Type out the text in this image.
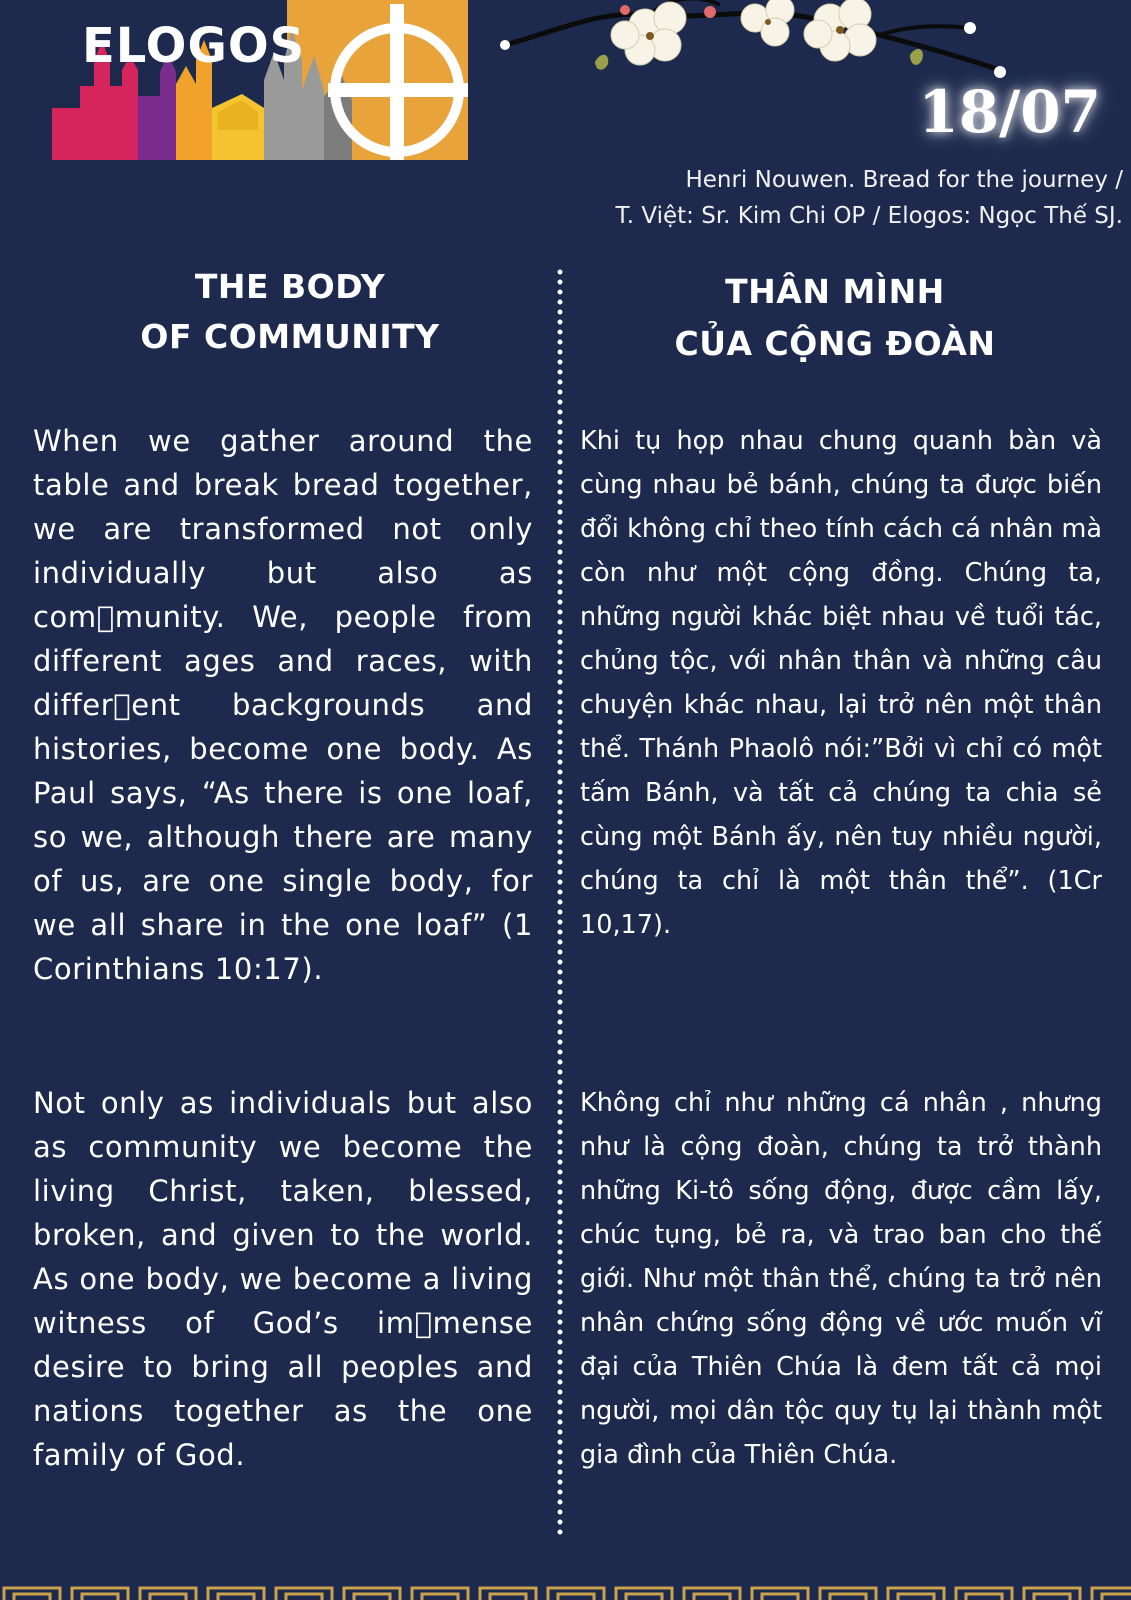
ELOGOS
18/07
Henri Nouwen. Bread for the journey /
T. Việt: Sr. Kim Chi OP / Elogos: Ngọc Thế SJ.
THE BODY
OF COMMUNITY
THÂN MÌNH
CỦA CỘNG ĐOÀN
When we gather around the table and break bread together, we are transformed not only individually but also as com munity. We, people from different ages and races, with differ ent backgrounds and histories, become one body. As Paul says, “As there is one loaf, so we, although there are many of us, are one single body, for we all share in the one loaf” (1 Corinthians 10:17).
Not only as individuals but also as community we become the living Christ, taken, blessed, broken, and given to the world. As one body, we become a living witness of God’s im mense desire to bring all peoples and nations together as the one family of God.
Khi tụ họp nhau chung quanh bàn và cùng nhau bẻ bánh, chúng ta được biến đổi không chỉ theo tính cách cá nhân mà còn như một cộng đồng. Chúng ta, những người khác biệt nhau về tuổi tác, chủng tộc, với nhân thân và những câu chuyện khác nhau, lại trở nên một thân thể. Thánh Phaolô nói:”Bởi vì chỉ có một tấm Bánh, và tất cả chúng ta chia sẻ cùng một Bánh ấy, nên tuy nhiều người, chúng ta chỉ là một thân thể”. (1Cr 10,17).
Không chỉ như những cá nhân , nhưng như là cộng đoàn, chúng ta trở thành những Ki-tô sống động, được cầm lấy, chúc tụng, bẻ ra, và trao ban cho thế giới. Như một thân thể, chúng ta trở nên nhân chứng sống động về ước muốn vĩ đại của Thiên Chúa là đem tất cả mọi người, mọi dân tộc quy tụ lại thành một gia đình của Thiên Chúa.
